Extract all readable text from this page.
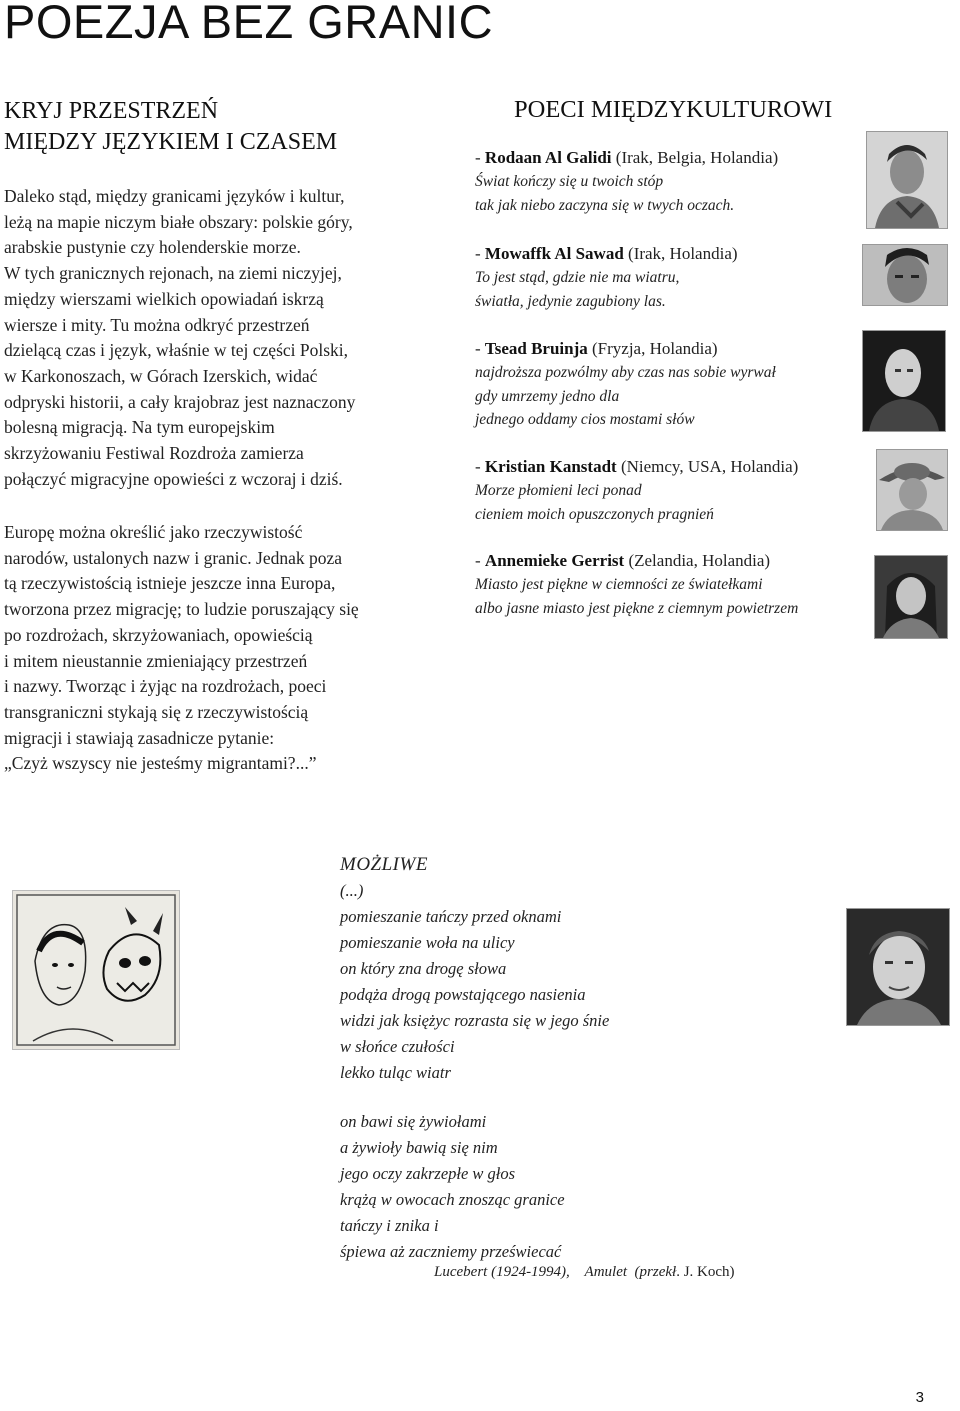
POEZJA BEZ GRANIC
KRYJ PRZESTRZEŃ
MIĘDZY JĘZYKIEM I CZASEM
Daleko stąd, między granicami języków i kultur,
leżą na mapie niczym białe obszary: polskie góry,
arabskie pustynie czy holenderskie morze.
W tych granicznych rejonach, na ziemi niczyjej,
między wierszami wielkich opowiadań iskrzą
wiersze i mity. Tu można odkryć przestrzeń
dzielącą czas i język, właśnie w tej części Polski,
w Karkonoszach, w Górach Izerskich, widać
odpryski historii, a cały krajobraz jest naznaczony
bolesną migracją. Na tym europejskim
skrzyżowaniu Festiwal Rozdroża zamierza
połączyć migracyjne opowieści z wczoraj i dziś.
Europę można określić jako rzeczywistość
narodów, ustalonych nazw i granic. Jednak poza
tą rzeczywistością istnieje jeszcze inna Europa,
tworzona przez migrację; to ludzie poruszający się
po rozdrożach, skrzyżowaniach, opowieścią
i mitem nieustannie zmieniający przestrzeń
i nazwy. Tworząc i żyjąc na rozdrożach, poeci
transgraniczni stykają się z rzeczywistością
migracji i stawiają zasadnicze pytanie:
„Czyż wszyscy nie jesteśmy migrantami?...”
POECI MIĘDZYKULTUROWI
- Rodaan Al Galidi (Irak, Belgia, Holandia)
Świat kończy się u twoich stóp
tak jak niebo zaczyna się w twych oczach.
- Mowaffk Al Sawad (Irak, Holandia)
To jest stąd, gdzie nie ma wiatru,
światła, jedynie zagubiony las.
- Tsead Bruinja (Fryzja, Holandia)
najdroższa pozwólmy aby czas nas sobie wyrwał
gdy umrzemy jedno dla
jednego oddamy cios mostami słów
- Kristian Kanstadt (Niemcy, USA, Holandia)
Morze płomieni leci ponad
cieniem moich opuszczonych pragnień
- Annemieke Gerrist (Zelandia, Holandia)
Miasto jest piękne w ciemności ze światełkami
albo jasne miasto jest piękne z ciemnym powietrzem
MOŻLIWE
(...)
pomieszanie tańczy przed oknami
pomieszanie woła na ulicy
on który zna drogę słowa
podąża drogą powstającego nasienia
widzi jak księżyc rozrasta się w jego śnie
w słońce czułości
lekko tuląc wiatr
on bawi się żywiołami
a żywioły bawią się nim
jego oczy zakrzepłe w głos
krążą w owocach znosząc granice
tańczy i znika i
śpiewa aż zaczniemy przeświecać
Lucebert (1924-1994), Amulet (przekł. J. Koch)
3
